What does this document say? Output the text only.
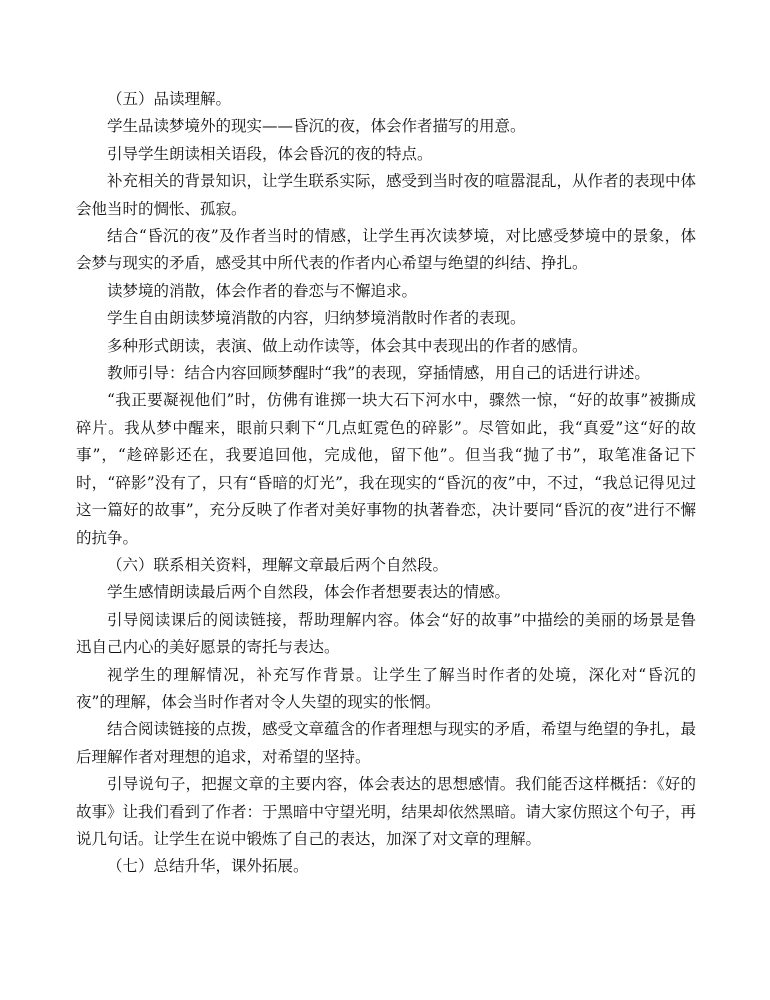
（五）品读理解。

学生品读梦境外的现实——昏沉的夜，体会作者描写的用意。

引导学生朗读相关语段，体会昏沉的夜的特点。

补充相关的背景知识，让学生联系实际，感受到当时夜的喧嚣混乱，从作者的表现中体会他当时的惆怅、孤寂。

结合“昏沉的夜”及作者当时的情感，让学生再次读梦境，对比感受梦境中的景象，体会梦与现实的矛盾，感受其中所代表的作者内心希望与绝望的纠结、挣扎。

读梦境的消散，体会作者的眷恋与不懈追求。

学生自由朗读梦境消散的内容，归纳梦境消散时作者的表现。

多种形式朗读，表演、做上动作读等，体会其中表现出的作者的感情。

教师引导：结合内容回顾梦醒时“我”的表现，穿插情感，用自己的话进行讲述。

“我正要凝视他们”时，仿佛有谁掷一块大石下河水中，骤然一惊，“好的故事”被撕成碎片。我从梦中醒来，眼前只剩下“几点虹霓色的碎影”。尽管如此，我“真爱”这“好的故事”，“趁碎影还在，我要追回他，完成他，留下他”。但当我“抛了书”，取笔准备记下时，“碎影”没有了，只有“昏暗的灯光”，我在现实的“昏沉的夜”中，不过，“我总记得见过这一篇好的故事”，充分反映了作者对美好事物的执著眷恋，决计要同“昏沉的夜”进行不懈的抗争。

（六）联系相关资料，理解文章最后两个自然段。

学生感情朗读最后两个自然段，体会作者想要表达的情感。

引导阅读课后的阅读链接，帮助理解内容。体会“好的故事”中描绘的美丽的场景是鲁迅自己内心的美好愿景的寄托与表达。

视学生的理解情况，补充写作背景。让学生了解当时作者的处境，深化对“昏沉的夜”的理解，体会当时作者对令人失望的现实的怅惘。

结合阅读链接的点拨，感受文章蕴含的作者理想与现实的矛盾，希望与绝望的争扎，最后理解作者对理想的追求，对希望的坚持。

引导说句子，把握文章的主要内容，体会表达的思想感情。我们能否这样概括：《好的故事》让我们看到了作者：于黑暗中守望光明，结果却依然黑暗。请大家仿照这个句子，再说几句话。让学生在说中锻炼了自己的表达，加深了对文章的理解。

（七）总结升华，课外拓展。
